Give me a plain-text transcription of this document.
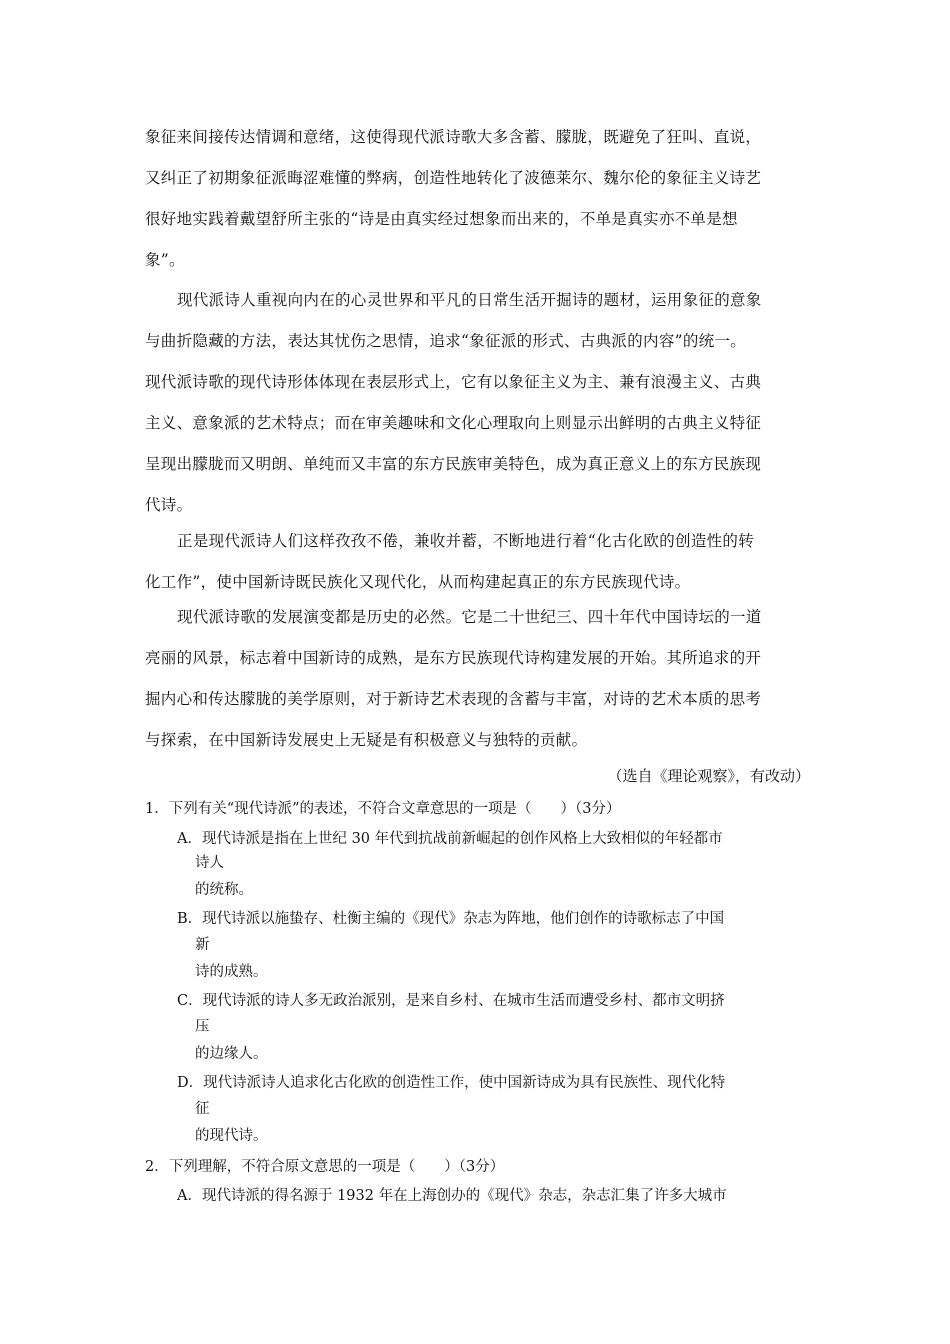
象征来间接传达情调和意绪，这使得现代派诗歌大多含蓄、朦胧，既避免了狂叫、直说，
又纠正了初期象征派晦涩难懂的弊病，创造性地转化了波德莱尔、魏尔伦的象征主义诗艺
很好地实践着戴望舒所主张的“诗是由真实经过想象而出来的，不单是真实亦不单是想
象”。
现代派诗人重视向内在的心灵世界和平凡的日常生活开掘诗的题材，运用象征的意象
与曲折隐藏的方法，表达其忧伤之思情，追求“象征派的形式、古典派的内容”的统一。
现代派诗歌的现代诗形体体现在表层形式上，它有以象征主义为主、兼有浪漫主义、古典
主义、意象派的艺术特点；而在审美趣味和文化心理取向上则显示出鲜明的古典主义特征
呈现出朦胧而又明朗、单纯而又丰富的东方民族审美特色，成为真正意义上的东方民族现
代诗。
正是现代派诗人们这样孜孜不倦，兼收并蓄，不断地进行着“化古化欧的创造性的转
化工作”，使中国新诗既民族化又现代化，从而构建起真正的东方民族现代诗。
现代派诗歌的发展演变都是历史的必然。它是二十世纪三、四十年代中国诗坛的一道
亮丽的风景，标志着中国新诗的成熟，是东方民族现代诗构建发展的开始。其所追求的开
掘内心和传达朦胧的美学原则，对于新诗艺术表现的含蓄与丰富，对诗的艺术本质的思考
与探索，在中国新诗发展史上无疑是有积极意义与独特的贡献。
（选自《理论观察》，有改动）
1．下列有关“现代诗派”的表述，不符合文章意思的一项是（　　）（3分）
A．现代诗派是指在上世纪 30 年代到抗战前新崛起的创作风格上大致相似的年轻都市
诗人
的统称。
B．现代诗派以施蛰存、杜衡主编的《现代》杂志为阵地，他们创作的诗歌标志了中国
新
诗的成熟。
C．现代诗派的诗人多无政治派别，是来自乡村、在城市生活而遭受乡村、都市文明挤
压
的边缘人。
D．现代诗派诗人追求化古化欧的创造性工作，使中国新诗成为具有民族性、现代化特
征
的现代诗。
2．下列理解，不符合原文意思的一项是（　　）（3分）
A．现代诗派的得名源于 1932 年在上海创办的《现代》杂志，杂志汇集了许多大城市
